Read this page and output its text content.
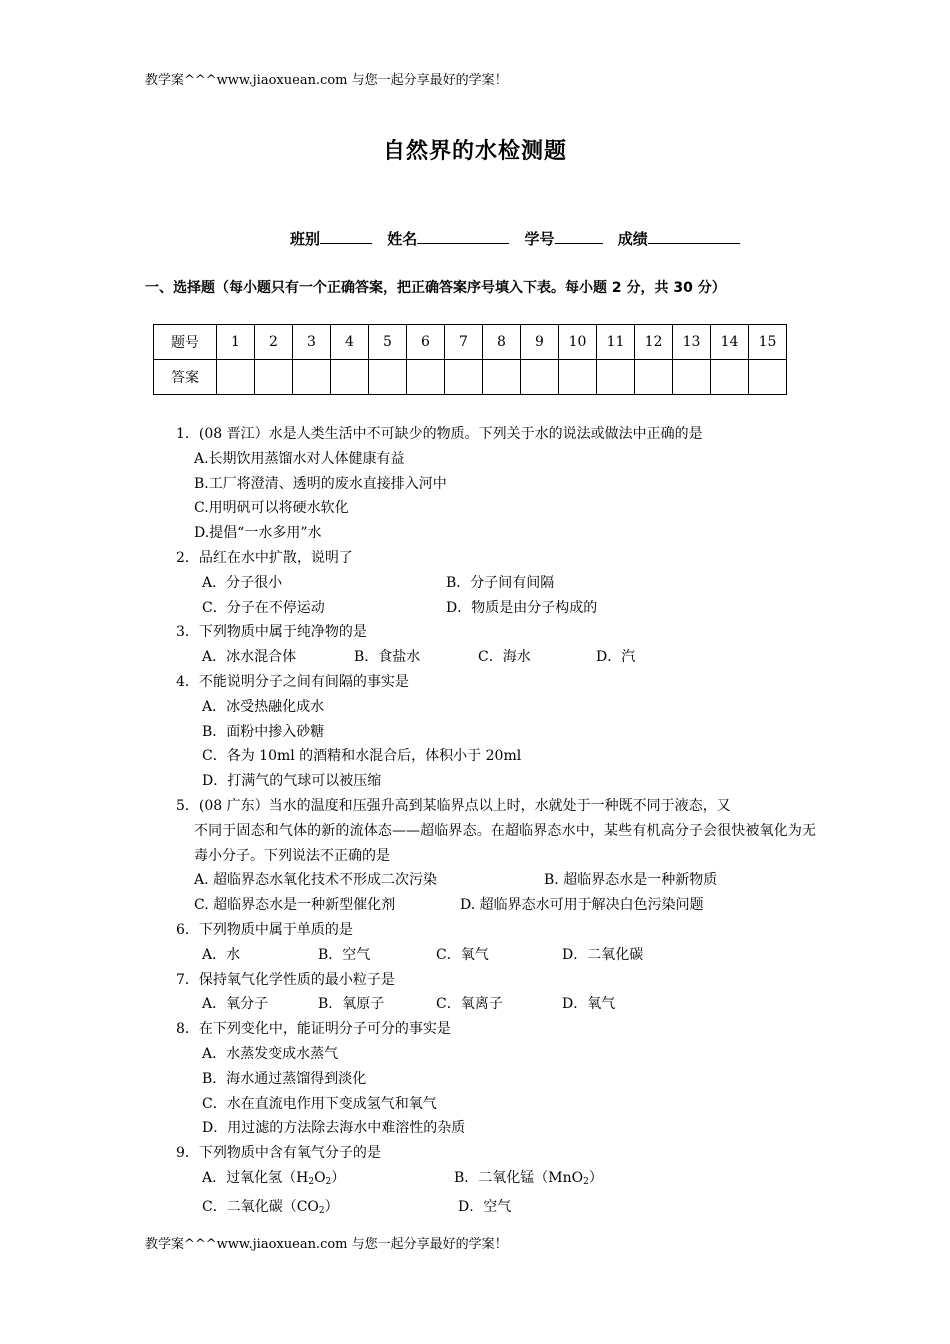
教学案^^^www.jiaoxuean.com 与您一起分享最好的学案！
自然界的水检测题
班别	姓名	学号	成绩
一、选择题（每小题只有一个正确答案，把正确答案序号填入下表。每小题 2 分，共 30 分）
题号	1	2	3	4	5	6	7	8	9	10	11	12	13	14	15
答案															
1．(08 晋江）水是人类生活中不可缺少的物质。下列关于水的说法或做法中正确的是
A.长期饮用蒸馏水对人体健康有益
B.工厂将澄清、透明的废水直接排入河中
C.用明矾可以将硬水软化
D.提倡“一水多用”水
2．品红在水中扩散，说明了
A．分子很小	B．分子间有间隔
C．分子在不停运动	D．物质是由分子构成的
3．下列物质中属于纯净物的是
A．冰水混合体	B．食盐水	C．海水	D．汽
4．不能说明分子之间有间隔的事实是
A．冰受热融化成水
B．面粉中掺入砂糖
C．各为 10ml 的酒精和水混合后，体积小于 20ml
D．打满气的气球可以被压缩
5．(08 广东）当水的温度和压强升高到某临界点以上时，水就处于一种既不同于液态，又
不同于固态和气体的新的流体态——超临界态。在超临界态水中，某些有机高分子会很快被氧化为无毒小分子。下列说法不正确的是
A. 超临界态水氧化技术不形成二次污染	B. 超临界态水是一种新物质
C. 超临界态水是一种新型催化剂	D. 超临界态水可用于解决白色污染问题
6．下列物质中属于单质的是
A．水	B．空气	C．氧气	D．二氧化碳
7．保持氧气化学性质的最小粒子是
A．氧分子	B．氧原子	C．氧离子	D．氧气
8．在下列变化中，能证明分子可分的事实是
A．水蒸发变成水蒸气
B．海水通过蒸馏得到淡化
C．水在直流电作用下变成氢气和氧气
D．用过滤的方法除去海水中难溶性的杂质
9．下列物质中含有氧气分子的是
A．过氧化氢$(H_2O_2)$	B．二氧化锰（MnO$_2$）
C．二氧化碳$(CO_2)$	D．空气
教学案^^^www.jiaoxuean.com 与您一起分享最好的学案！
